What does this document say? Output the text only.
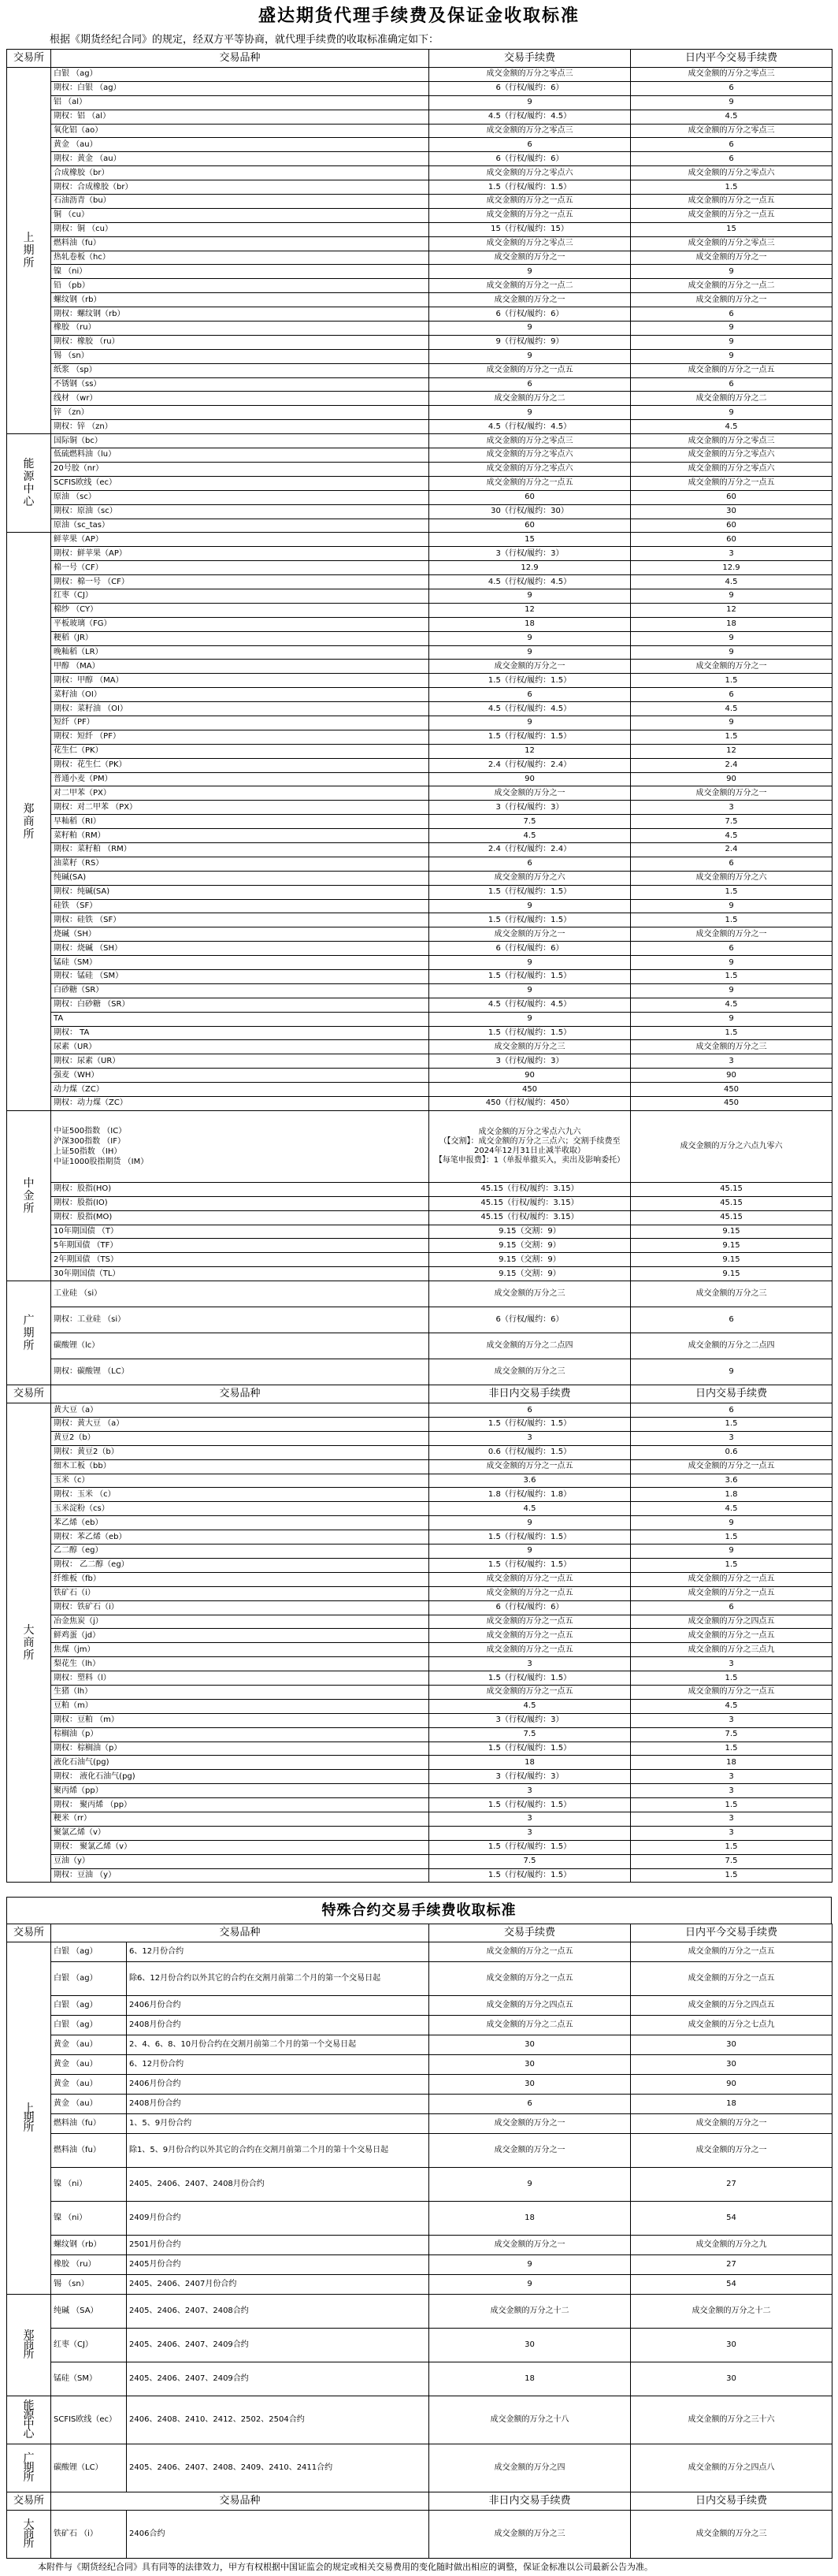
盛达期货代理手续费及保证金收取标准
根据《期货经纪合同》的规定，经双方平等协商，就代理手续费的收取标准确定如下：
交易所	交易品种	交易手续费	日内平今交易手续费
上
期
所	白银 （ag）	成交金额的万分之零点三	成交金额的万分之零点三
	期权：白银 （ag）	6（行权/履约：6）	6
	铝 （al）	9	9
	期权：铝 （al）	4.5（行权/履约：4.5）	4.5
	氧化铝（ao）	成交金额的万分之零点三	成交金额的万分之零点三
	黄金 （au）	6	6
	期权：黄金 （au）	6（行权/履约：6）	6
	合成橡胶（br）	成交金额的万分之零点六	成交金额的万分之零点六
	期权：合成橡胶（br）	1.5（行权/履约：1.5）	1.5
	石油沥青（bu）	成交金额的万分之一点五	成交金额的万分之一点五
	铜 （cu）	成交金额的万分之一点五	成交金额的万分之一点五
	期权：铜 （cu）	15（行权/履约：15）	15
	燃料油（fu）	成交金额的万分之零点三	成交金额的万分之零点三
	热轧卷板（hc）	成交金额的万分之一	成交金额的万分之一
	镍 （ni）	9	9
	铅 （pb）	成交金额的万分之一点二	成交金额的万分之一点二
	螺纹钢（rb）	成交金额的万分之一	成交金额的万分之一
	期权：螺纹钢（rb）	6（行权/履约：6）	6
	橡胶 （ru）	9	9
	期权：橡胶 （ru）	9（行权/履约：9）	9
	锡 （sn）	9	9
	纸浆 （sp）	成交金额的万分之一点五	成交金额的万分之一点五
	不锈钢（ss）	6	6
	线材 （wr）	成交金额的万分之二	成交金额的万分之二
	锌 （zn）	9	9
	期权：锌 （zn）	4.5（行权/履约：4.5）	4.5
能
源
中
心	国际铜（bc）	成交金额的万分之零点三	成交金额的万分之零点三
	低硫燃料油（lu）	成交金额的万分之零点六	成交金额的万分之零点六
	20号胶（nr）	成交金额的万分之零点六	成交金额的万分之零点六
	SCFIS欧线（ec）	成交金额的万分之一点五	成交金额的万分之一点五
	原油 （sc）	60	60
	期权：原油（sc）	30（行权/履约：30）	30
	原油（sc_tas）	60	60
郑
商
所	鲜苹果（AP）	15	60
	期权：鲜苹果（AP）	3（行权/履约：3）	3
	棉一号（CF）	12.9	12.9
	期权：棉一号 （CF）	4.5（行权/履约：4.5）	4.5
	红枣（CJ）	9	9
	棉纱 （CY）	12	12
	平板玻璃（FG）	18	18
	粳稻（JR）	9	9
	晚籼稻（LR）	9	9
	甲醇 （MA）	成交金额的万分之一	成交金额的万分之一
	期权：甲醇 （MA）	1.5（行权/履约：1.5）	1.5
	菜籽油（OI）	6	6
	期权：菜籽油 （OI）	4.5（行权/履约：4.5）	4.5
	短纤（PF）	9	9
	期权：短纤 （PF）	1.5（行权/履约：1.5）	1.5
	花生仁（PK）	12	12
	期权：花生仁（PK）	2.4（行权/履约：2.4）	2.4
	普通小麦（PM）	90	90
	对二甲苯（PX）	成交金额的万分之一	成交金额的万分之一
	期权：对二甲苯 （PX）	3（行权/履约：3）	3
	早籼稻（RI）	7.5	7.5
	菜籽粕（RM）	4.5	4.5
	期权：菜籽粕 （RM）	2.4（行权/履约：2.4）	2.4
	油菜籽（RS）	6	6
	纯碱(SA)	成交金额的万分之六	成交金额的万分之六
	期权：纯碱(SA)	1.5（行权/履约：1.5）	1.5
	硅铁 （SF）	9	9
	期权：硅铁 （SF）	1.5（行权/履约：1.5）	1.5
	烧碱（SH）	成交金额的万分之一	成交金额的万分之一
	期权：烧碱 （SH）	6（行权/履约：6）	6
	锰硅（SM）	9	9
	期权：锰硅 （SM）	1.5（行权/履约：1.5）	1.5
	白砂糖（SR）	9	9
	期权：白砂糖 （SR）	4.5（行权/履约：4.5）	4.5
	TA	9	9
	期权： TA	1.5（行权/履约：1.5）	1.5
	尿素（UR）	成交金额的万分之三	成交金额的万分之三
	期权：尿素（UR）	3（行权/履约：3）	3
	强麦（WH）	90	90
	动力煤（ZC）	450	450
	期权：动力煤（ZC）	450（行权/履约：450）	450
中
金
所	中证500指数 （IC）
沪深300指数 （IF）
上证50指数 （IH）
中证1000股指期货 （IM）	成交金额的万分之零点六九六
（【交割】：成交金额的万分之三点六；交割手续费至2024年12月31日止减半收取）
【每笔申报费】：1（单报单撤买入，卖出及影响委托）	成交金额的万分之六点九零六
	期权：股指(HO)	45.15（行权/履约：3.15）	45.15
	期权：股指(IO)	45.15（行权/履约：3.15）	45.15
	期权：股指(MO)	45.15（行权/履约：3.15）	45.15
	10年期国债 （T）	9.15（交割：9）	9.15
	5年期国债 （TF）	9.15（交割：9）	9.15
	2年期国债 （TS）	9.15（交割：9）	9.15
	30年期国债（TL）	9.15（交割：9）	9.15
广
期
所	工业硅 （si）	成交金额的万分之三	成交金额的万分之三
	期权：工业硅 （si）	6（行权/履约：6）	6
	碳酸锂（lc）	成交金额的万分之二点四	成交金额的万分之二点四
	期权：碳酸锂 （LC）	成交金额的万分之三	9
交易所	交易品种	非日内交易手续费	日内交易手续费
大
商
所	黄大豆（a）	6	6
	期权：黄大豆 （a）	1.5（行权/履约：1.5）	1.5
	黄豆2（b）	3	3
	期权：黄豆2（b）	0.6（行权/履约：1.5）	0.6
	细木工板（bb）	成交金额的万分之一点五	成交金额的万分之一点五
	玉米（c）	3.6	3.6
	期权：玉米 （c）	1.8（行权/履约：1.8）	1.8
	玉米淀粉（cs）	4.5	4.5
	苯乙烯（eb）	9	9
	期权：苯乙烯（eb）	1.5（行权/履约：1.5）	1.5
	乙二醇（eg）	9	9
	期权： 乙二醇（eg）	1.5（行权/履约：1.5）	1.5
	纤维板（fb）	成交金额的万分之一点五	成交金额的万分之一点五
	铁矿石（i）	成交金额的万分之一点五	成交金额的万分之一点五
	期权：铁矿石（i）	6（行权/履约：6）	6
	冶金焦炭（j）	成交金额的万分之一点五	成交金额的万分之四点五
	鲜鸡蛋（jd）	成交金额的万分之一点五	成交金额的万分之一点五
	焦煤（jm）	成交金额的万分之一点五	成交金额的万分之三点九
	梨花生（lh）	3	3
	期权：塑料（l）	1.5（行权/履约：1.5）	1.5
	生猪（lh）	成交金额的万分之一点五	成交金额的万分之一点五
	豆粕（m）	4.5	4.5
	期权：豆粕 （m）	3（行权/履约：3）	3
	棕榈油（p）	7.5	7.5
	期权：棕榈油（p）	1.5（行权/履约：1.5）	1.5
	液化石油气(pg)	18	18
	期权： 液化石油气(pg)	3（行权/履约：3）	3
	聚丙烯（pp）	3	3
	期权： 聚丙烯 （pp）	1.5（行权/履约：1.5）	1.5
	粳米（rr）	3	3
	聚氯乙烯（v）	3	3
	期权： 聚氯乙烯（v）	1.5（行权/履约：1.5）	1.5
	豆油（y）	7.5	7.5
	期权：豆油 （y）	1.5（行权/履约：1.5）	1.5
特殊合约交易手续费收取标准
交易所	交易品种		交易手续费	日内平今交易手续费
上
期
所	白银 （ag）	6、12月份合约	成交金额的万分之一点五	成交金额的万分之一点五
	白银 （ag）	除6、12月份合约以外其它的合约在交割月前第二个月的第一个交易日起	成交金额的万分之一点五	成交金额的万分之一点五
	白银 （ag）	2406月份合约	成交金额的万分之四点五	成交金额的万分之四点五
	白银 （ag）	2408月份合约	成交金额的万分之二点五	成交金额的万分之七点九
	黄金 （au）	2、4、6、8、10月份合约在交割月前第二个月的第一个交易日起	30	30
	黄金 （au）	6、12月份合约	30	30
	黄金 （au）	2406月份合约	30	90
	黄金 （au）	2408月份合约	6	18
	燃料油（fu）	1、5、9月份合约	成交金额的万分之一	成交金额的万分之一
	燃料油（fu）	除1、5、9月份合约以外其它的合约在交割月前第二个月的第十个交易日起	成交金额的万分之一	成交金额的万分之一
	镍 （ni）	2405、2406、2407、2408月份合约	9	27
	镍 （ni）	2409月份合约	18	54
	螺纹钢（rb）	2501月份合约	成交金额的万分之一	成交金额的万分之九
	橡胶 （ru）	2405月份合约	9	27
	锡 （sn）	2405、2406、2407月份合约	9	54
郑
商
所	纯碱 （SA）	2405、2406、2407、2408合约	成交金额的万分之十二	成交金额的万分之十二
	红枣（CJ）	2405、2406、2407、2409合约	30	30
	锰硅（SM）	2405、2406、2407、2409合约	18	30
能
源
中
心	SCFIS欧线（ec）	2406、2408、2410、2412、2502、2504合约	成交金额的万分之十八	成交金额的万分之三十六
广
期
所	碳酸锂（LC）	2405、2406、2407、2408、2409、2410、2411合约	成交金额的万分之四	成交金额的万分之四点八
交易所	交易品种		非日内交易手续费	日内交易手续费
大
商
所	铁矿石 （i）	2406合约	成交金额的万分之三	成交金额的万分之三
本附件与《期货经纪合同》具有同等的法律效力，甲方有权根据中国证监会的规定或相关交易费用的变化随时做出相应的调整，保证金标准以公司最新公告为准。
